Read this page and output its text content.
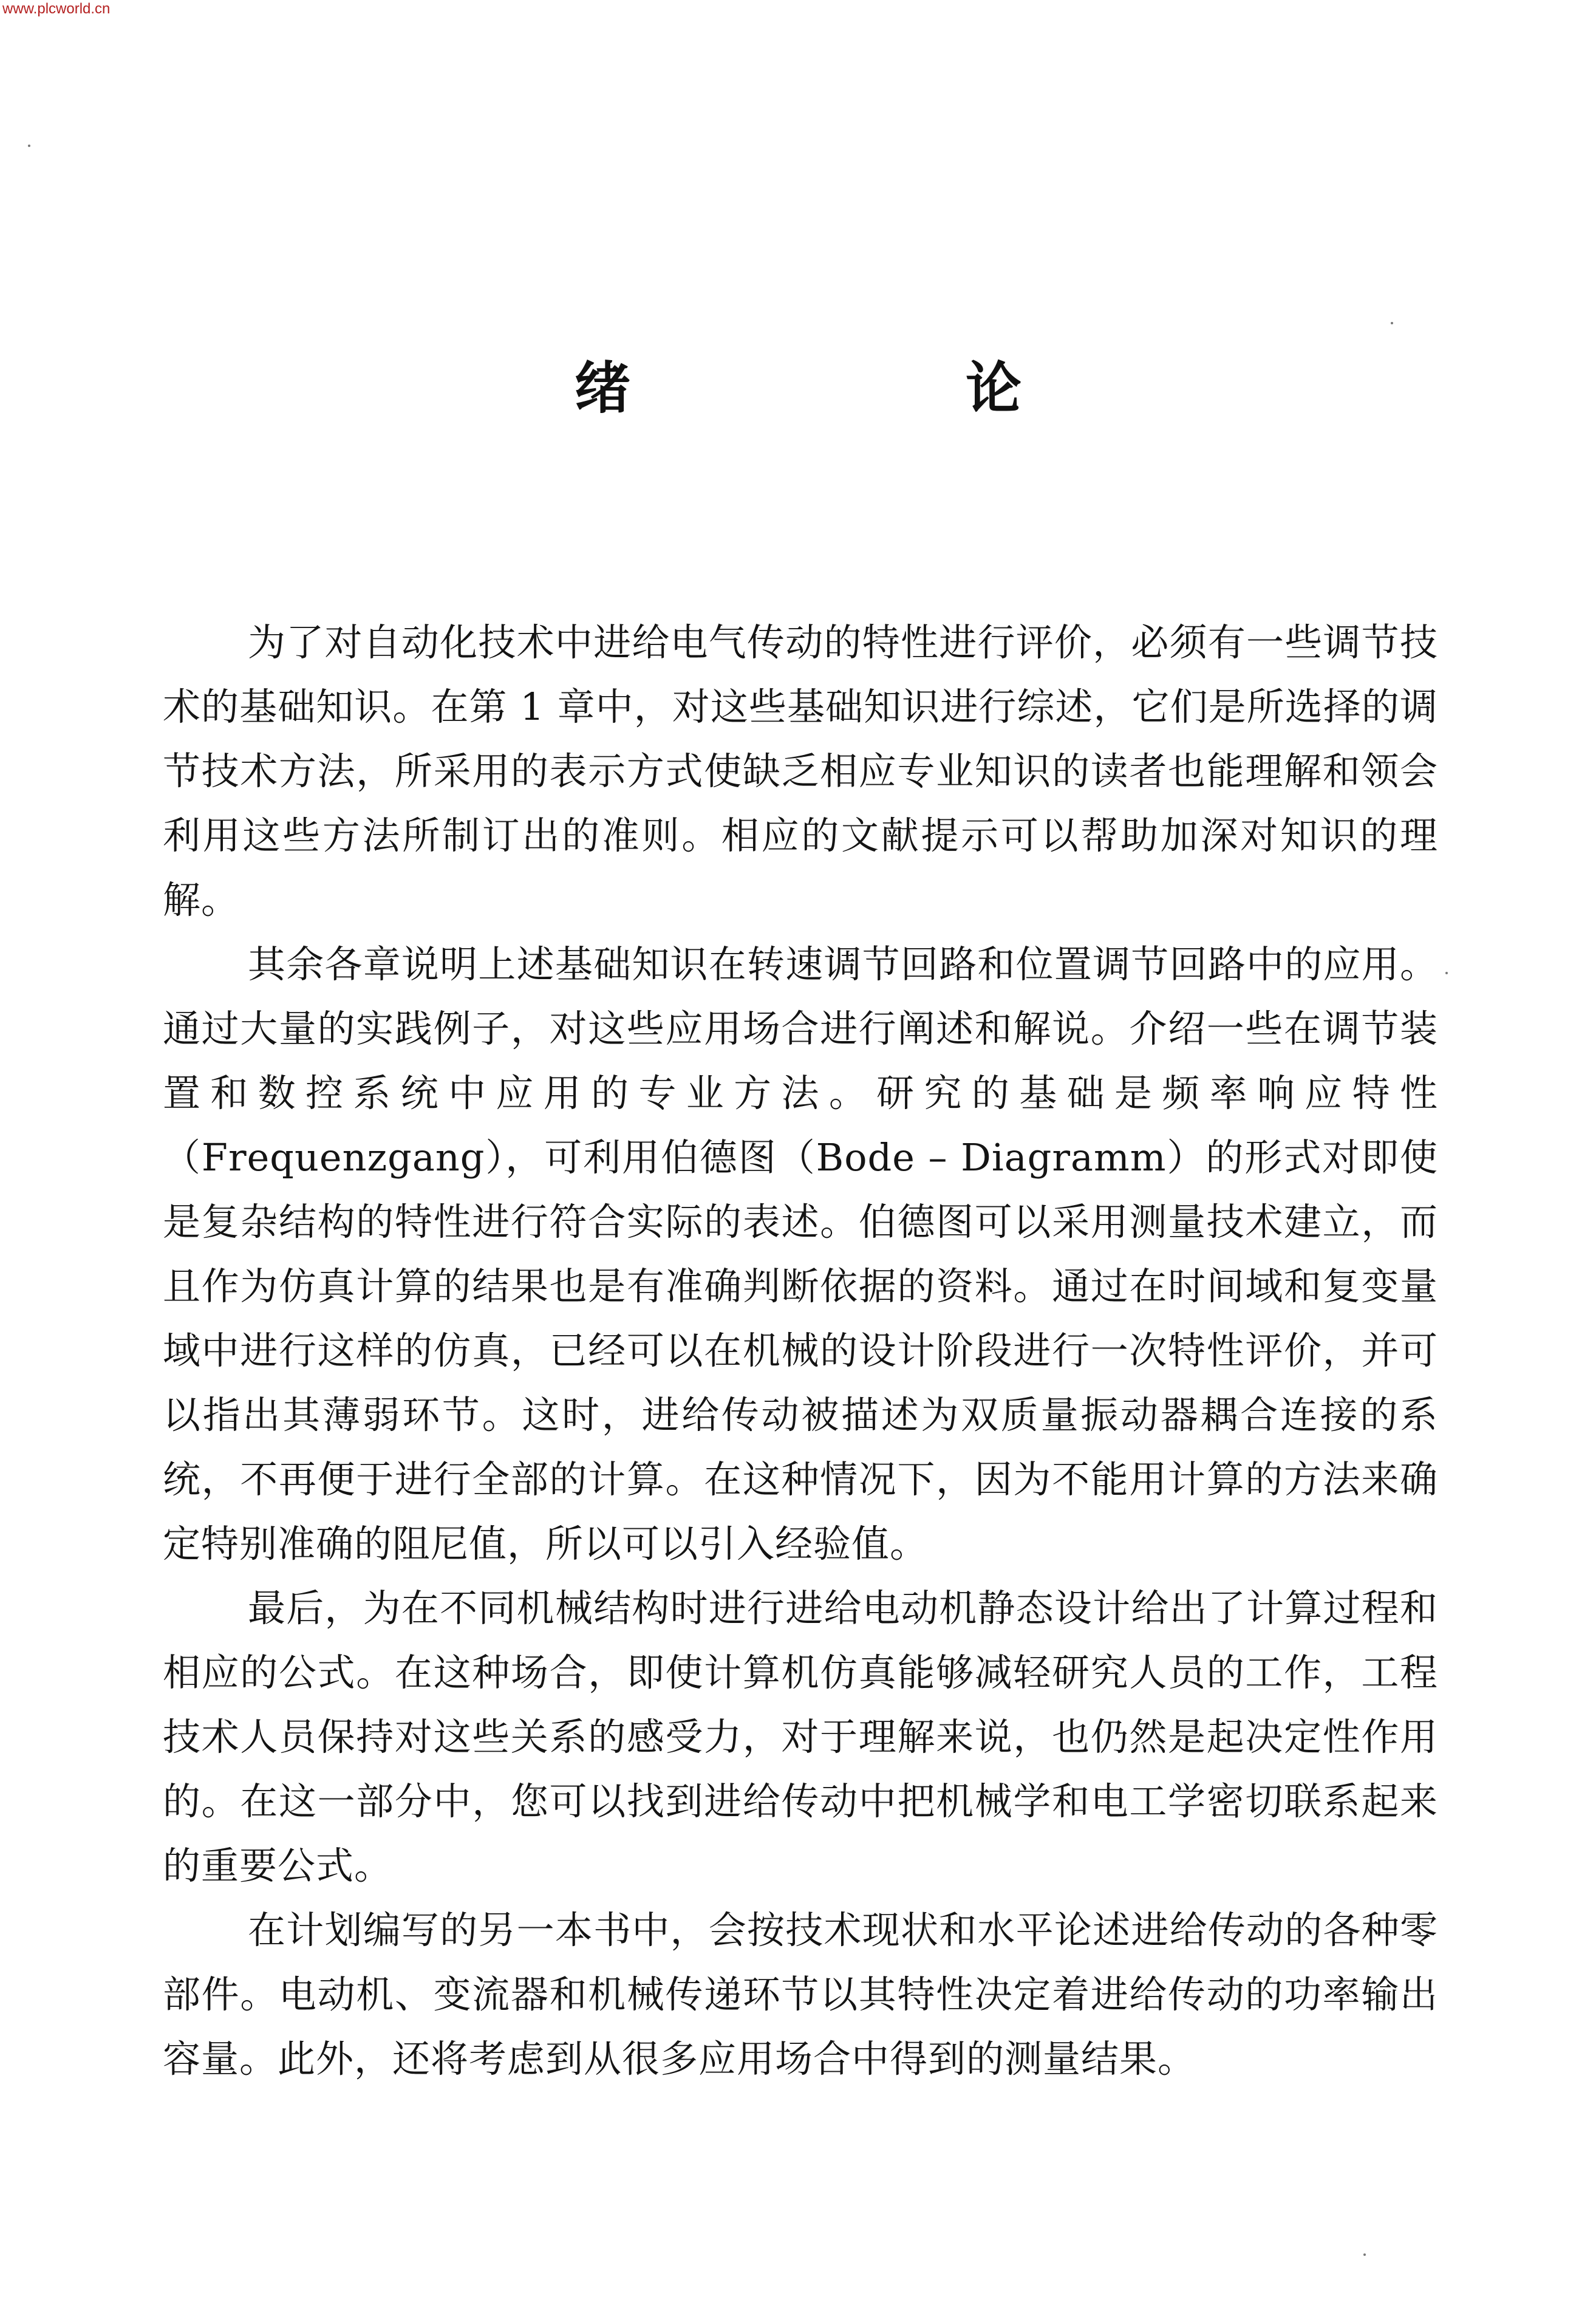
www.plcworld.cn
绪　论

为了对自动化技术中进给电气传动的特性进行评价，必须有一些调节技术的基础知识。在第 1 章中，对这些基础知识进行综述，它们是所选择的调节技术方法，所采用的表示方式使缺乏相应专业知识的读者也能理解和领会利用这些方法所制订出的准则。相应的文献提示可以帮助加深对知识的理解。

其余各章说明上述基础知识在转速调节回路和位置调节回路中的应用。通过大量的实践例子，对这些应用场合进行阐述和解说。介绍一些在调节装置和数控系统中应用的专业方法。研究的基础是频率响应特性（Frequenzgang），可利用伯德图（Bode – Diagramm）的形式对即使是复杂结构的特性进行符合实际的表述。伯德图可以采用测量技术建立，而且作为仿真计算的结果也是有准确判断依据的资料。通过在时间域和复变量域中进行这样的仿真，已经可以在机械的设计阶段进行一次特性评价，并可以指出其薄弱环节。这时，进给传动被描述为双质量振动器耦合连接的系统，不再便于进行全部的计算。在这种情况下，因为不能用计算的方法来确定特别准确的阻尼值，所以可以引入经验值。

最后，为在不同机械结构时进行进给电动机静态设计给出了计算过程和相应的公式。在这种场合，即使计算机仿真能够减轻研究人员的工作，工程技术人员保持对这些关系的感受力，对于理解来说，也仍然是起决定性作用的。在这一部分中，您可以找到进给传动中把机械学和电工学密切联系起来的重要公式。

在计划编写的另一本书中，会按技术现状和水平论述进给传动的各种零部件。电动机、变流器和机械传递环节以其特性决定着进给传动的功率输出容量。此外，还将考虑到从很多应用场合中得到的测量结果。
